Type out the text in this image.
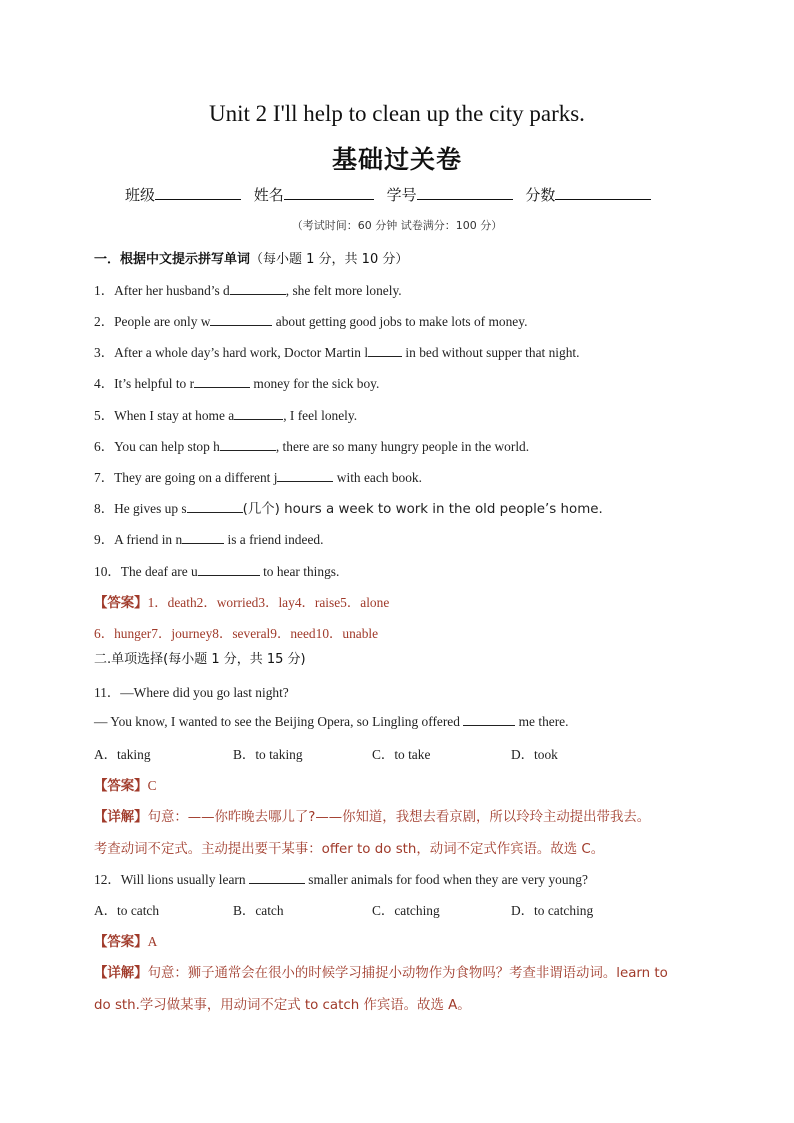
Unit 2 I'll help to clean up the city parks.
基础过关卷
班级	姓名	学号	分数
（考试时间：60 分钟 试卷满分：100 分）
一．根据中文提示拼写单词（每小题 1 分，共 10 分）
1．After her husband’s d	, she felt more lonely.
2．People are only w	about getting good jobs to make lots of money.
3．After a whole day’s hard work, Doctor Martin l	in bed without supper that night.
4．It’s helpful to r	money for the sick boy.
5．When I stay at home a	, I feel lonely.
6．You can help stop h	, there are so many hungry people in the world.
7．They are going on a different j	with each book.
8．He gives up s	(几个) hours a week to work in the old people’s home.
9．A friend in n	is a friend indeed.
10．The deaf are u	to hear things.
【答案】1．death2．worried3．lay4．raise5．alone
6．hunger7．journey8．several9．need10．unable
二.单项选择(每小题 1 分，共 15 分)
11．—Where did you go last night?
— You know, I wanted to see the Beijing Opera, so Lingling offered	me there.
A．taking	B．to taking	C．to take	D．took
【答案】C
【详解】句意：——你昨晚去哪儿了?——你知道，我想去看京剧，所以玲玲主动提出带我去。
考查动词不定式。主动提出要干某事：offer to do sth，动词不定式作宾语。故选 C。
12．Will lions usually learn	smaller animals for food when they are very young?
A．to catch	B．catch	C．catching	D．to catching
【答案】A
【详解】句意：狮子通常会在很小的时候学习捕捉小动物作为食物吗？考查非谓语动词。learn to
do sth.学习做某事，用动词不定式 to catch 作宾语。故选 A。
